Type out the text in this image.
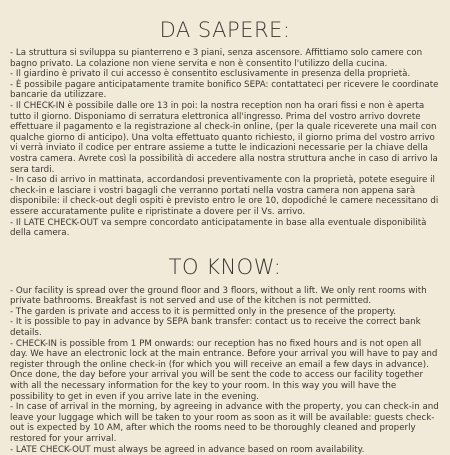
DA SAPERE:
- La struttura si sviluppa su pianterreno e 3 piani, senza ascensore. Affittiamo solo camere con bagno privato. La colazione non viene servita e non è consentito l'utilizzo della cucina.
- Il giardino è privato il cui accesso è consentito esclusivamente in presenza della proprietà.
- È possibile pagare anticipatamente tramite bonifico SEPA: contattateci per ricevere le coordinate bancarie da utilizzare.
- Il CHECK-IN è possibile dalle ore 13 in poi: la nostra reception non ha orari fissi e non è aperta tutto il giorno. Disponiamo di serratura elettronica all'ingresso. Prima del vostro arrivo dovrete effettuare il pagamento e la registrazione al check-in online, (per la quale riceverete una mail con qualche giorno di anticipo). Una volta effettuato quanto richiesto, il giorno prima del vostro arrivo vi verrà inviato il codice per entrare assieme a tutte le indicazioni necessarie per la chiave della vostra camera. Avrete così la possibilità di accedere alla nostra struttura anche in caso di arrivo la sera tardi.
- In caso di arrivo in mattinata, accordandosi preventivamente con la proprietà, potete eseguire il check-in e lasciare i vostri bagagli che verranno portati nella vostra camera non appena sarà disponibile: il check-out degli ospiti è previsto entro le ore 10, dopodiché le camere necessitano di essere accuratamente pulite e ripristinate a dovere per il Vs. arrivo.
- Il LATE CHECK-OUT va sempre concordato anticipatamente in base alla eventuale disponibilità della camera.
TO KNOW:
- Our facility is spread over the ground floor and 3 floors, without a lift. We only rent rooms with private bathrooms. Breakfast is not served and use of the kitchen is not permitted.
- The garden is private and access to it is permitted only in the presence of the property.
- It is possible to pay in advance by SEPA bank transfer: contact us to receive the correct bank details.
- CHECK-IN is possible from 1 PM onwards: our reception has no fixed hours and is not open all day. We have an electronic lock at the main entrance. Before your arrival you will have to pay and register through the online check-in (for which you will receive an email a few days in advance). Once done, the day before your arrival you will be sent the code to access our facility together with all the necessary information for the key to your room. In this way you will have the possibility to get in even if you arrive late in the evening.
- In case of arrival in the morning, by agreeing in advance with the property, you can check-in and leave your luggage which will be taken to your room as soon as it will be available: guests check-out is expected by 10 AM, after which the rooms need to be thoroughly cleaned and properly restored for your arrival.
- LATE CHECK-OUT must always be agreed in advance based on room availability.
